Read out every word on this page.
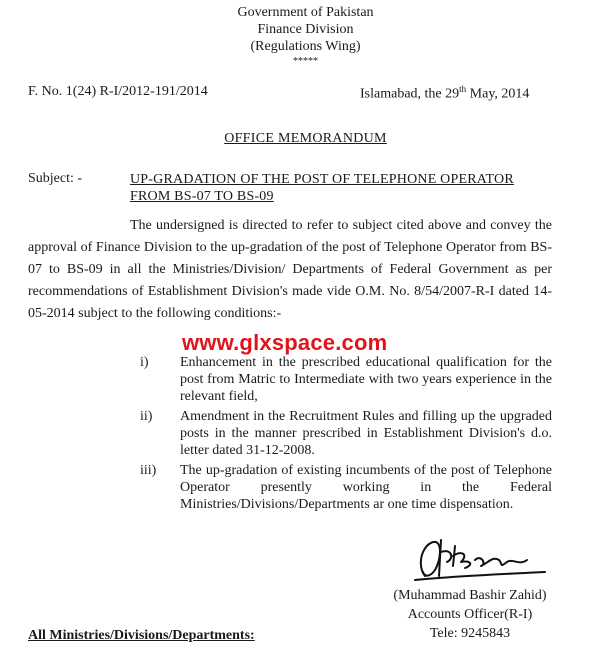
Government of Pakistan
Finance Division
(Regulations Wing)
*****
F. No. 1(24) R-I/2012-191/2014	Islamabad, the 29th May, 2014
OFFICE MEMORANDUM
Subject: -	UP-GRADATION OF THE POST OF TELEPHONE OPERATOR
FROM BS-07 TO BS-09
The undersigned is directed to refer to subject cited above and convey the approval of Finance Division to the up-gradation of the post of Telephone Operator from BS-07 to BS-09 in all the Ministries/Division/ Departments of Federal Government as per recommendations of Establishment Division's made vide O.M. No. 8/54/2007-R-I dated 14-05-2014 subject to the following conditions:-
www.glxspace.com
i) Enhancement in the prescribed educational qualification for the post from Matric to Intermediate with two years experience in the relevant field,
ii) Amendment in the Recruitment Rules and filling up the upgraded posts in the manner prescribed in Establishment Division's d.o. letter dated 31-12-2008.
iii) The up-gradation of existing incumbents of the post of Telephone Operator presently working in the Federal Ministries/Divisions/Departments ar one time dispensation.
(Muhammad Bashir Zahid)
Accounts Officer(R-I)
Tele: 9245843
All Ministries/Divisions/Departments:
